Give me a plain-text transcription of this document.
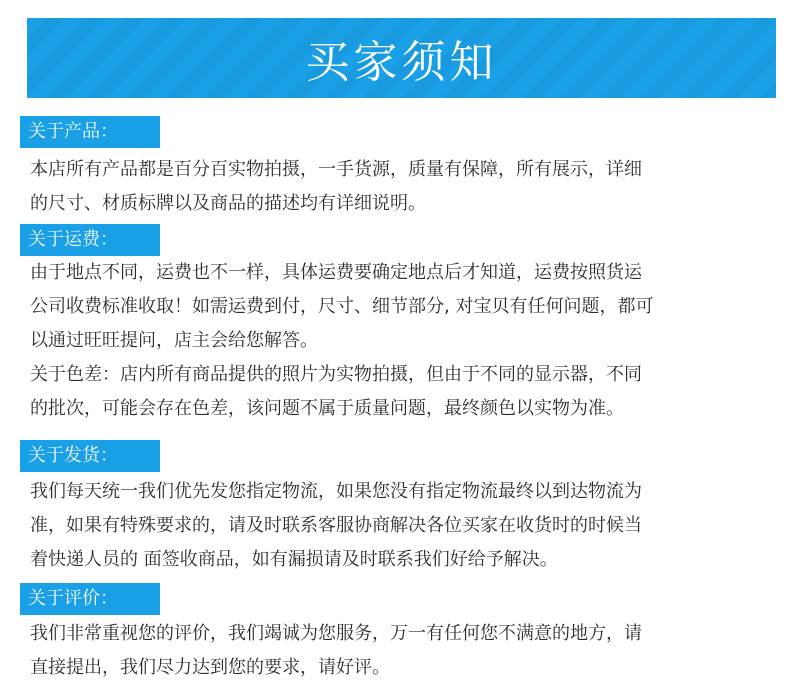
买家须知
关于产品：
本店所有产品都是百分百实物拍摄，一手货源，质量有保障，所有展示，详细
的尺寸、材质标牌以及商品的描述均有详细说明。
关于运费：
由于地点不同，运费也不一样，具体运费要确定地点后才知道，运费按照货运
公司收费标准收取！如需运费到付，尺寸、细节部分, 对宝贝有任何问题，都可
以通过旺旺提问，店主会给您解答。
关于色差：店内所有商品提供的照片为实物拍摄，但由于不同的显示器，不同
的批次，可能会存在色差，该问题不属于质量问题，最终颜色以实物为准。
关于发货：
我们每天统一我们优先发您指定物流，如果您没有指定物流最终以到达物流为
准，如果有特殊要求的，请及时联系客服协商解决各位买家在收货时的时候当
着快递人员的 面签收商品，如有漏损请及时联系我们好给予解决。
关于评价：
我们非常重视您的评价，我们竭诚为您服务，万一有任何您不满意的地方，请
直接提出，我们尽力达到您的要求，请好评。
